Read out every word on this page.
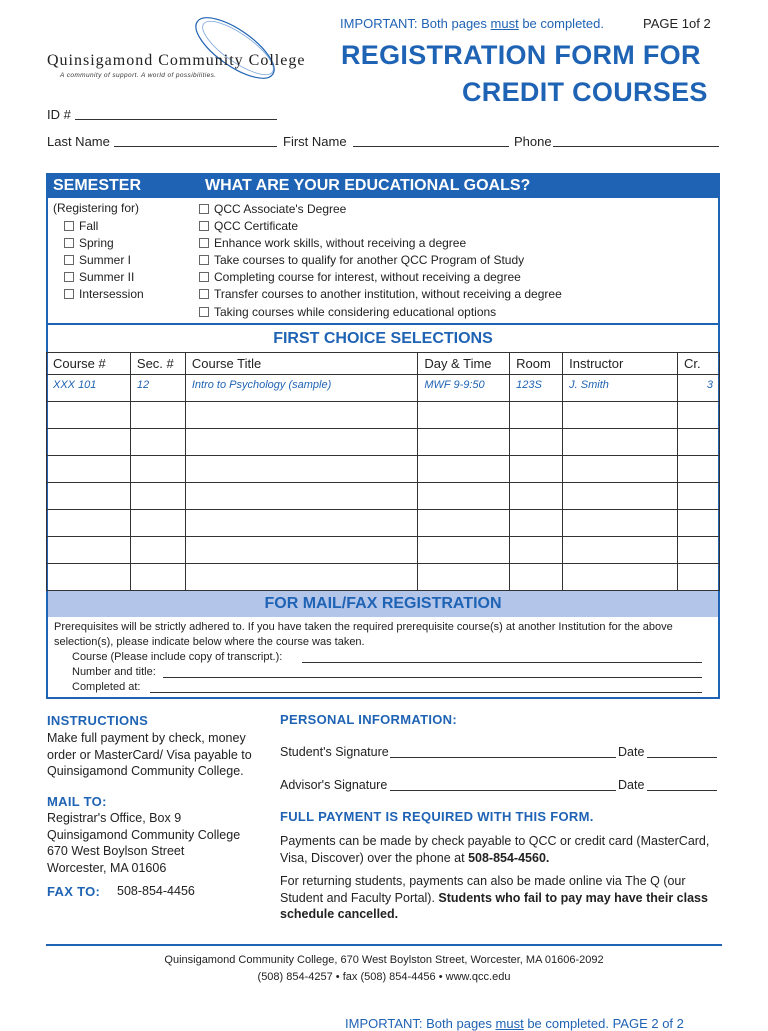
Quinsigamond Community College
A community of support. A world of possibilities.
IMPORTANT: Both pages must be completed.	PAGE 1of 2
REGISTRATION FORM FOR
CREDIT COURSES
ID #
Last Name	First Name	Phone
SEMESTER	WHAT ARE YOUR EDUCATIONAL GOALS?
(Registering for)
Fall
Spring
Summer I
Summer II
Intersession
QCC Associate's Degree
QCC Certificate
Enhance work skills, without receiving a degree
Take courses to qualify for another QCC Program of Study
Completing course for interest, without receiving a degree
Transfer courses to another institution, without receiving a degree
Taking courses while considering educational options
FIRST CHOICE SELECTIONS
Course #	Sec. #	Course Title	Day & Time	Room	Instructor	Cr.
XXX 101	12	Intro to Psychology (sample)	MWF 9-9:50	123S	J. Smith	3

FOR MAIL/FAX REGISTRATION
Prerequisites will be strictly adhered to. If you have taken the required prerequisite course(s) at another Institution for the above selection(s), please indicate below where the course was taken.
Course (Please include copy of transcript.):
Number and title:
Completed at:
INSTRUCTIONS
Make full payment by check, money order or MasterCard/ Visa payable to Quinsigamond Community College.
MAIL TO:
Registrar's Office, Box 9
Quinsigamond Community College
670 West Boylson Street
Worcester, MA 01606
FAX TO: 508-854-4456
PERSONAL INFORMATION:
Student's Signature	Date
Advisor's Signature	Date
FULL PAYMENT IS REQUIRED WITH THIS FORM.
Payments can be made by check payable to QCC or credit card (MasterCard, Visa, Discover) over the phone at 508-854-4560.
For returning students, payments can also be made online via The Q (our Student and Faculty Portal). Students who fail to pay may have their class schedule cancelled.
Quinsigamond Community College, 670 West Boylston Street, Worcester, MA 01606-2092
(508) 854-4257 • fax (508) 854-4456 • www.qcc.edu
IMPORTANT: Both pages must be completed. PAGE 2 of 2
